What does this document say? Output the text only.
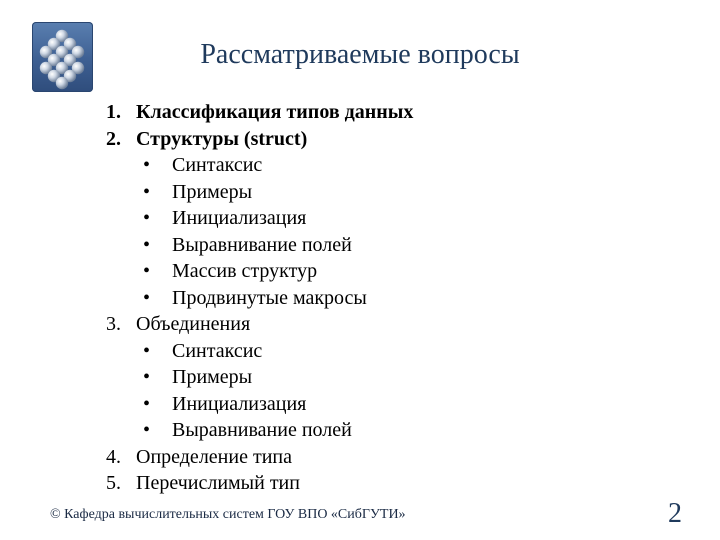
Рассматриваемые вопросы
1. Классификация типов данных
2. Структуры (struct)
•	Синтаксис
•	Примеры
•	Инициализация
•	Выравнивание полей
•	Массив структур
•	Продвинутые макросы
3. Объединения
•	Синтаксис
•	Примеры
•	Инициализация
•	Выравнивание полей
4. Определение типа
5. Перечислимый тип
© Кафедра вычислительных систем ГОУ ВПО «СибГУТИ»	2
